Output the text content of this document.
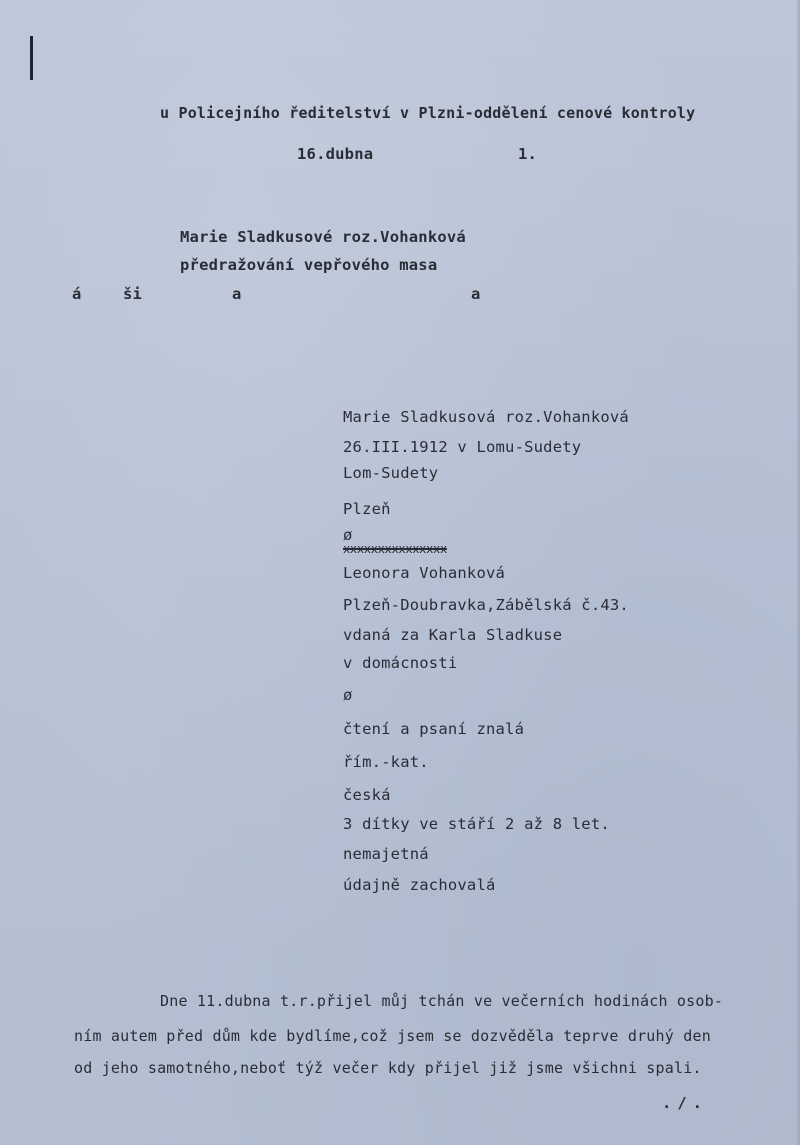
u Policejního ředitelství v Plzni-oddělení cenové kontroly
16.dubna	1.
Marie Sladkusové roz.Vohanková
předražování vepřového masa
á	ši	a	a
Marie Sladkusová roz.Vohanková
26.III.1912 v Lomu-Sudety
Lom-Sudety
Plzeň
ø
xxxxxxxxxxxxxxx
Leonora Vohanková
Plzeň-Doubravka,Zábělská č.43.
vdaná za Karla Sladkuse
v domácnosti
ø
čtení a psaní znalá
řím.-kat.
česká
3 dítky ve stáří 2 až 8 let.
nemajetná
údajně zachovalá
Dne 11.dubna t.r.přijel můj tchán ve večerních hodinách osob-
ním autem před dům kde bydlíme,což jsem se dozvěděla teprve druhý den
od jeho samotného,neboť týž večer kdy přijel již jsme všichni spali.
./.
